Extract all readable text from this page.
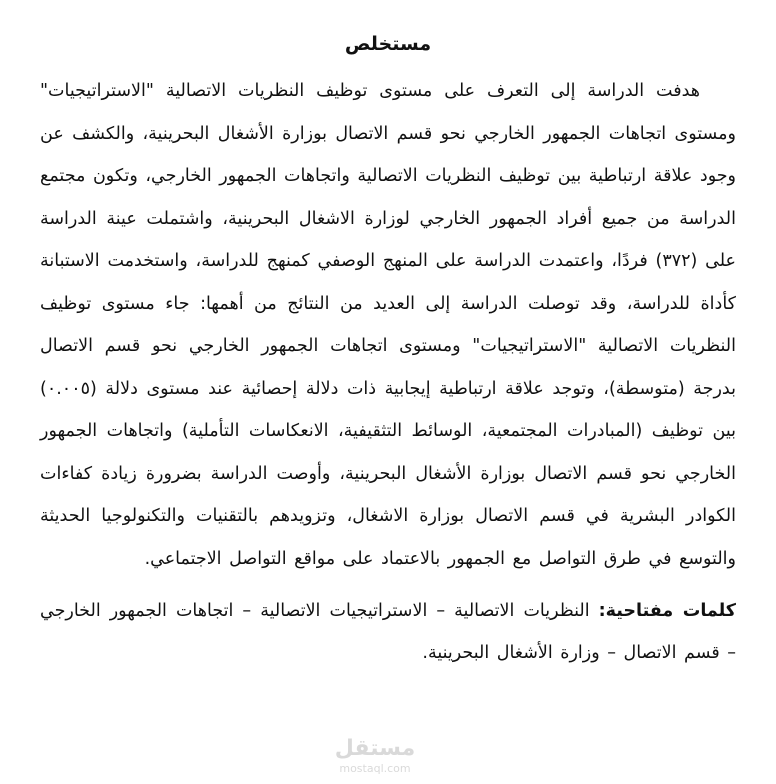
مستخلص

هدفت الدراسة إلى التعرف على مستوى توظيف النظريات الاتصالية "الاستراتيجيات" ومستوى اتجاهات الجمهور الخارجي نحو قسم الاتصال بوزارة الأشغال البحرينية، والكشف عن وجود علاقة ارتباطية بين توظيف النظريات الاتصالية واتجاهات الجمهور الخارجي، وتكون مجتمع الدراسة من جميع أفراد الجمهور الخارجي لوزارة الاشغال البحرينية، واشتملت عينة الدراسة على (٣٧٢) فردًا، واعتمدت الدراسة على المنهج الوصفي كمنهج للدراسة، واستخدمت الاستبانة كأداة للدراسة، وقد توصلت الدراسة إلى العديد من النتائج من أهمها: جاء مستوى توظيف النظريات الاتصالية "الاستراتيجيات" ومستوى اتجاهات الجمهور الخارجي نحو قسم الاتصال بدرجة (متوسطة)، وتوجد علاقة ارتباطية إيجابية ذات دلالة إحصائية عند مستوى دلالة (٠.٠٠٥) بين توظيف (المبادرات المجتمعية، الوسائط التثقيفية، الانعكاسات التأملية) واتجاهات الجمهور الخارجي نحو قسم الاتصال بوزارة الأشغال البحرينية، وأوصت الدراسة بضرورة زيادة كفاءات الكوادر البشرية في قسم الاتصال بوزارة الاشغال، وتزويدهم بالتقنيات والتكنولوجيا الحديثة والتوسع في طرق التواصل مع الجمهور بالاعتماد على مواقع التواصل الاجتماعي.

كلمات مفتاحية: النظريات الاتصالية – الاستراتيجيات الاتصالية – اتجاهات الجمهور الخارجي – قسم الاتصال – وزارة الأشغال البحرينية.

مستقل
mostaql.com
